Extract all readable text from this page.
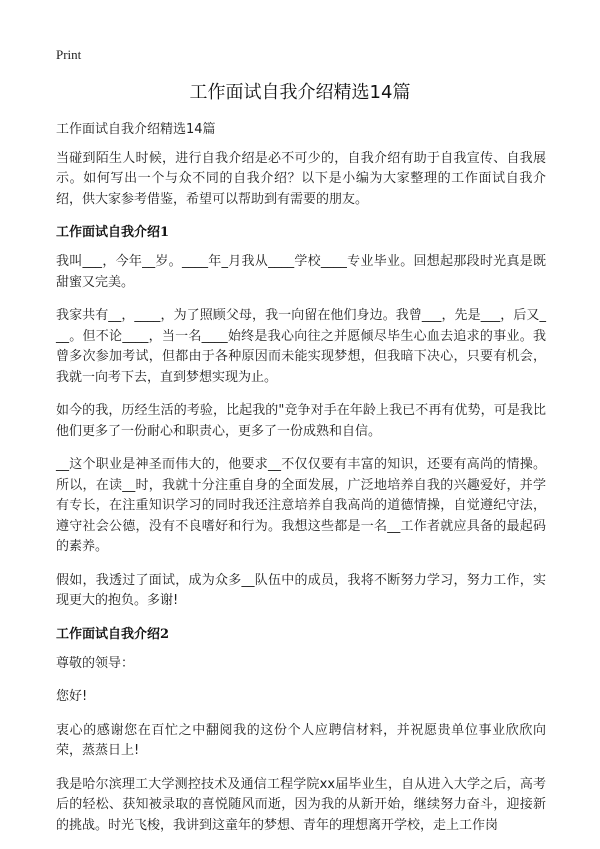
Print
工作面试自我介绍精选14篇

工作面试自我介绍精选14篇

当碰到陌生人时候，进行自我介绍是必不可少的，自我介绍有助于自我宣传、自我展示。如何写出一个与众不同的自我介绍？以下是小编为大家整理的工作面试自我介绍，供大家参考借鉴，希望可以帮助到有需要的朋友。

工作面试自我介绍1

我叫___，今年__岁。____年_月我从____学校____专业毕业。回想起那段时光真是既甜蜜又完美。

我家共有__，____，为了照顾父母，我一向留在他们身边。我曾___，先是___，后又___。但不论____，当一名____始终是我心向往之并愿倾尽毕生心血去追求的事业。我曾多次参加考试，但都由于各种原因而未能实现梦想，但我暗下决心，只要有机会，我就一向考下去，直到梦想实现为止。

如今的我，历经生活的考验，比起我的"竞争对手在年龄上我已不再有优势，可是我比他们更多了一份耐心和职责心，更多了一份成熟和自信。

__这个职业是神圣而伟大的，他要求__不仅仅要有丰富的知识，还要有高尚的情操。所以，在读__时，我就十分注重自身的全面发展，广泛地培养自我的兴趣爱好，并学有专长，在注重知识学习的同时我还注意培养自我高尚的道德情操，自觉遵纪守法，遵守社会公德，没有不良嗜好和行为。我想这些都是一名__工作者就应具备的最起码的素养。

假如，我透过了面试，成为众多__队伍中的成员，我将不断努力学习，努力工作，实现更大的抱负。多谢!

工作面试自我介绍2

尊敬的领导：

您好!

衷心的感谢您在百忙之中翻阅我的这份个人应聘信材料，并祝愿贵单位事业欣欣向荣，蒸蒸日上!

我是哈尔滨理工大学测控技术及通信工程学院xx届毕业生，自从进入大学之后，高考后的轻松、获知被录取的喜悦随风而逝，因为我的从新开始，继续努力奋斗，迎接新的挑战。时光飞梭，我讲到这童年的梦想、青年的理想离开学校，走上工作岗
